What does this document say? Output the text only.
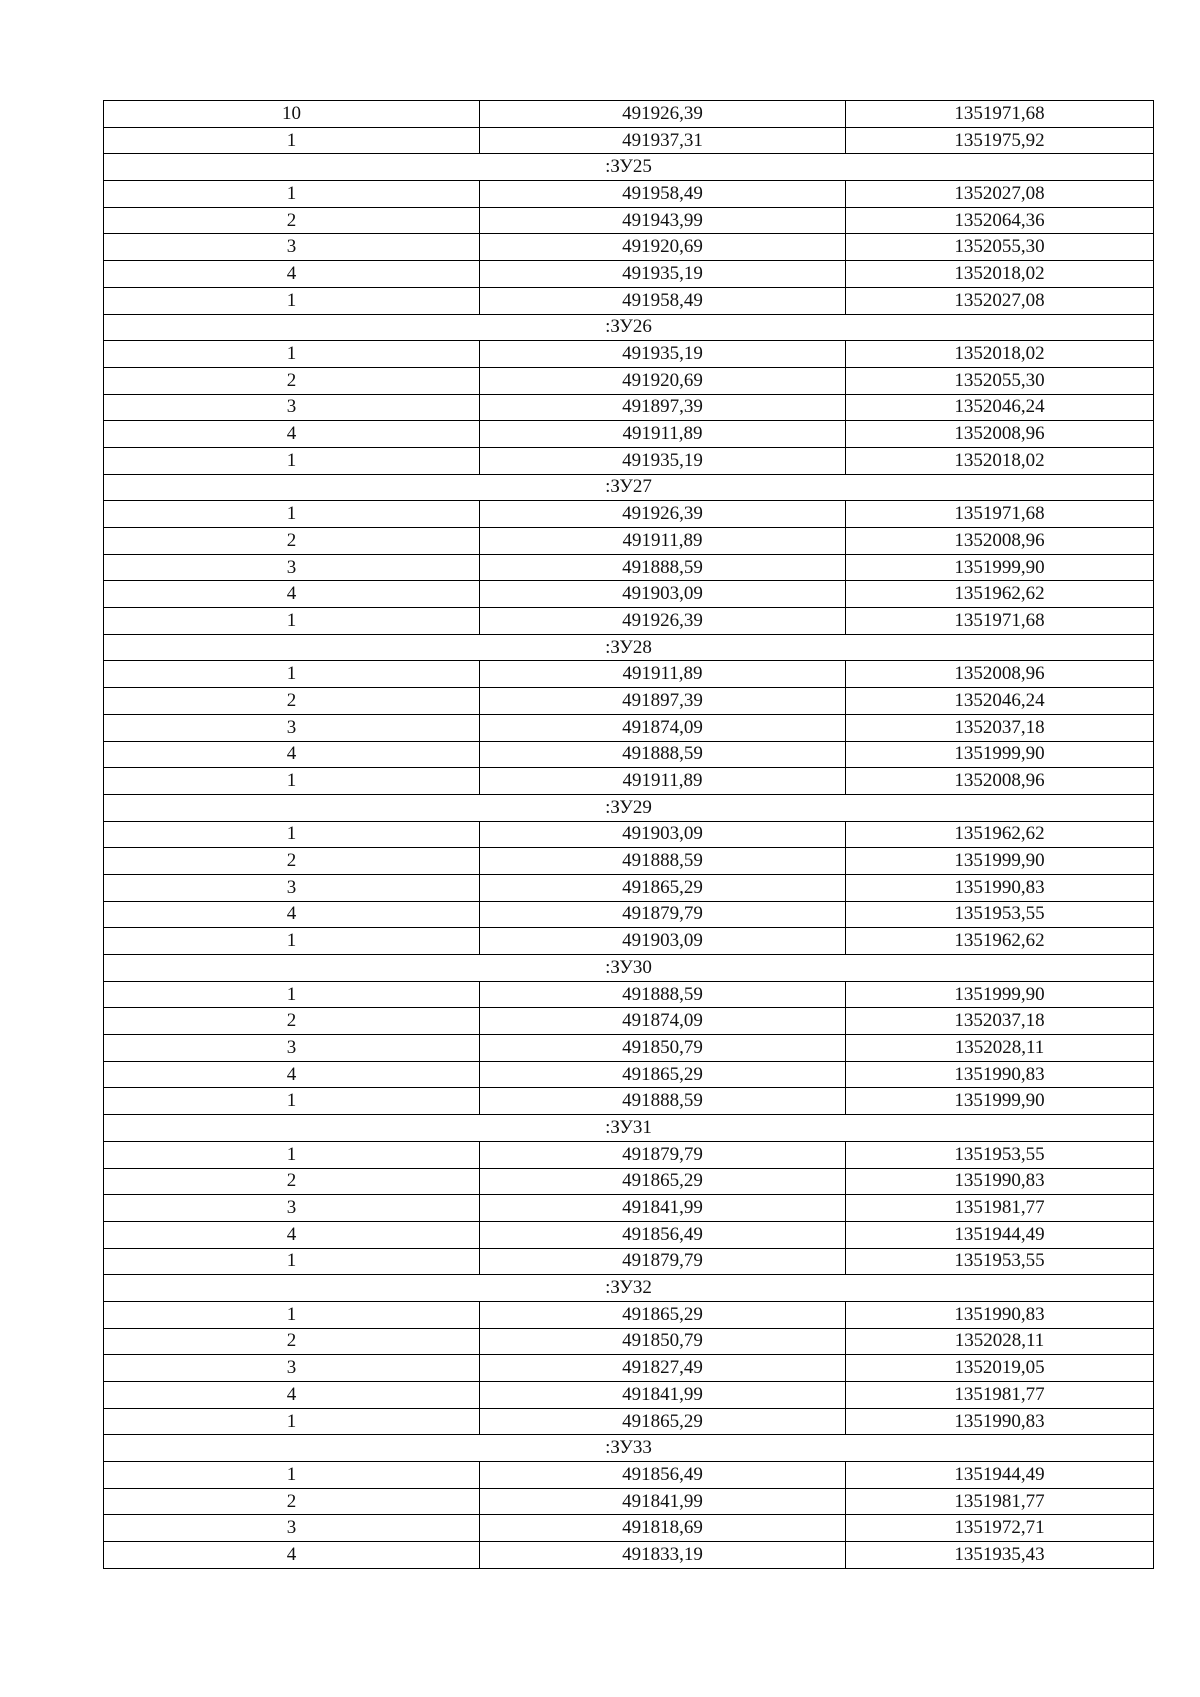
10	491926,39	1351971,68
1	491937,31	1351975,92
:ЗУ25		
1	491958,49	1352027,08
2	491943,99	1352064,36
3	491920,69	1352055,30
4	491935,19	1352018,02
1	491958,49	1352027,08
:ЗУ26		
1	491935,19	1352018,02
2	491920,69	1352055,30
3	491897,39	1352046,24
4	491911,89	1352008,96
1	491935,19	1352018,02
:ЗУ27		
1	491926,39	1351971,68
2	491911,89	1352008,96
3	491888,59	1351999,90
4	491903,09	1351962,62
1	491926,39	1351971,68
:ЗУ28		
1	491911,89	1352008,96
2	491897,39	1352046,24
3	491874,09	1352037,18
4	491888,59	1351999,90
1	491911,89	1352008,96
:ЗУ29		
1	491903,09	1351962,62
2	491888,59	1351999,90
3	491865,29	1351990,83
4	491879,79	1351953,55
1	491903,09	1351962,62
:ЗУ30		
1	491888,59	1351999,90
2	491874,09	1352037,18
3	491850,79	1352028,11
4	491865,29	1351990,83
1	491888,59	1351999,90
:ЗУ31		
1	491879,79	1351953,55
2	491865,29	1351990,83
3	491841,99	1351981,77
4	491856,49	1351944,49
1	491879,79	1351953,55
:ЗУ32		
1	491865,29	1351990,83
2	491850,79	1352028,11
3	491827,49	1352019,05
4	491841,99	1351981,77
1	491865,29	1351990,83
:ЗУ33		
1	491856,49	1351944,49
2	491841,99	1351981,77
3	491818,69	1351972,71
4	491833,19	1351935,43
